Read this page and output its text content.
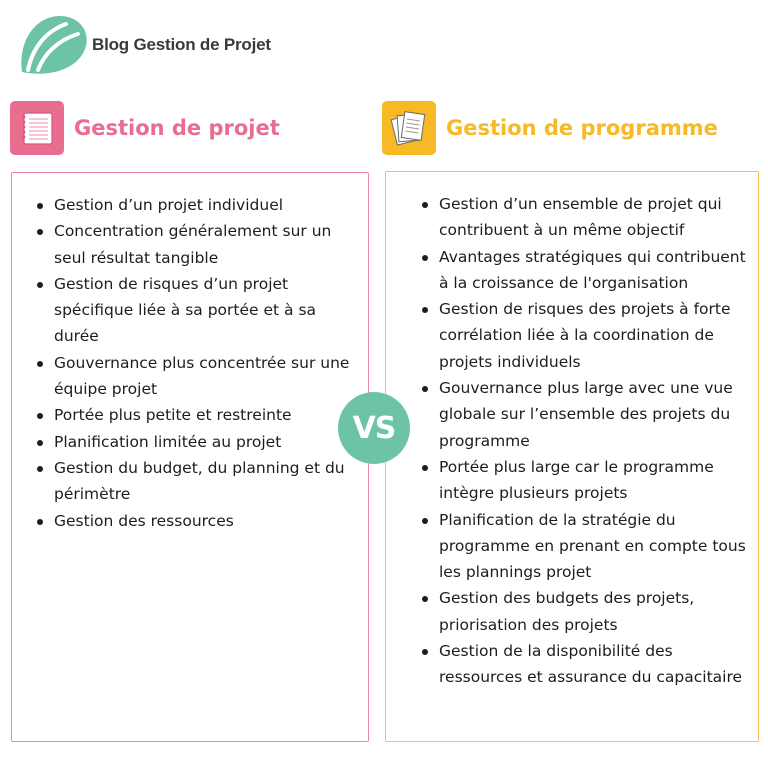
Blog Gestion de Projet
Gestion de projet	Gestion de programme
Gestion d’un projet individuel
Concentration généralement sur un seul résultat tangible
Gestion de risques d’un projet spécifique liée à sa portée et à sa durée
Gouvernance plus concentrée sur une équipe projet
Portée plus petite et restreinte
Planification limitée au projet
Gestion du budget, du planning et du périmètre
Gestion des ressources
Gestion d’un ensemble de projet qui contribuent à un même objectif
Avantages stratégiques qui contribuent à la croissance de l'organisation
Gestion de risques des projets à forte corrélation liée à la coordination de projets individuels
Gouvernance plus large avec une vue globale sur l’ensemble des projets du programme
Portée plus large car le programme intègre plusieurs projets
Planification de la stratégie du programme en prenant en compte tous les plannings projet
Gestion des budgets des projets, priorisation des projets
Gestion de la disponibilité des ressources et assurance du capacitaire
VS
